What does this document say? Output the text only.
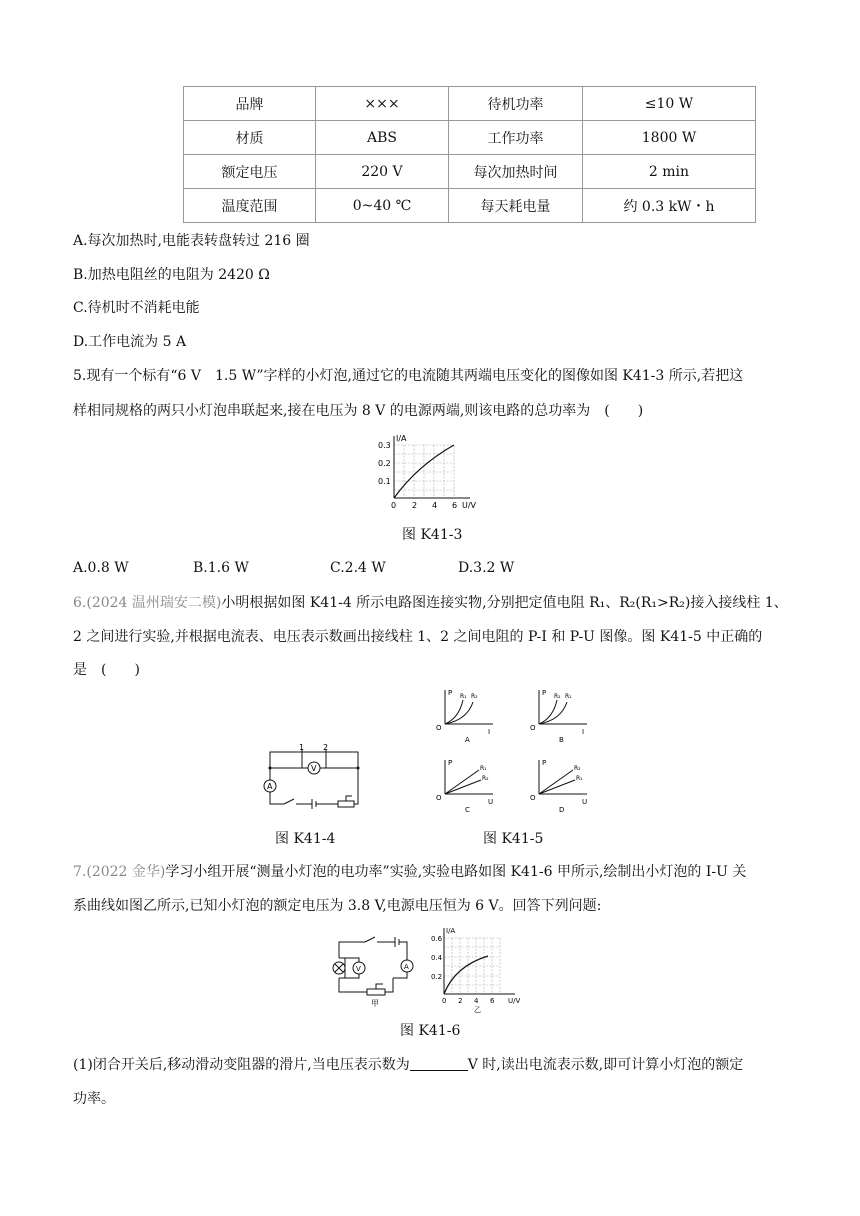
品牌	×××	待机功率	≤10 W
材质	ABS	工作功率	1800 W
额定电压	220 V	每次加热时间	2 min
温度范围	0~40 ℃	每天耗电量	约 0.3 kW・h
A.每次加热时,电能表转盘转过 216 圈
B.加热电阻丝的电阻为 2420 Ω
C.待机时不消耗电能
D.工作电流为 5 A
5.现有一个标有“6 V　1.5 W”字样的小灯泡,通过它的电流随其两端电压变化的图像如图 K41-3 所示,若把这
样相同规格的两只小灯泡串联起来,接在电压为 8 V 的电源两端,则该电路的总功率为　(　　)
I/A
0.3
0.2
0.1
0 2 4 6 U/V
图 K41-3
A.0.8 W	B.1.6 W	C.2.4 W	D.3.2 W
6.(2024 温州瑞安二模)小明根据如图 K41-4 所示电路图连接实物,分别把定值电阻 R₁、R₂(R₁>R₂)接入接线柱 1、
2 之间进行实验,并根据电流表、电压表示数画出接线柱 1、2 之间电阻的 P-I 和 P-U 图像。图 K41-5 中正确的
是　(　　)
1 2
V
A
图 K41-4
P R₁ R₂
O	I
A
P R₂ R₁
O	I
B
P
R₁
R₂
O	U
C
P
R₂
R₁
O	U
D
图 K41-5
7.(2022 金华)学习小组开展“测量小灯泡的电功率”实验,实验电路如图 K41-6 甲所示,绘制出小灯泡的 I-U 关
系曲线如图乙所示,已知小灯泡的额定电压为 3.8 V,电源电压恒为 6 V。回答下列问题:
V	A
甲
I/A
0.6
0.4
0.2
0 2 4 6 U/V
乙
图 K41-6
(1)闭合开关后,移动滑动变阻器的滑片,当电压表示数为	V 时,读出电流表示数,即可计算小灯泡的额定
功率。
